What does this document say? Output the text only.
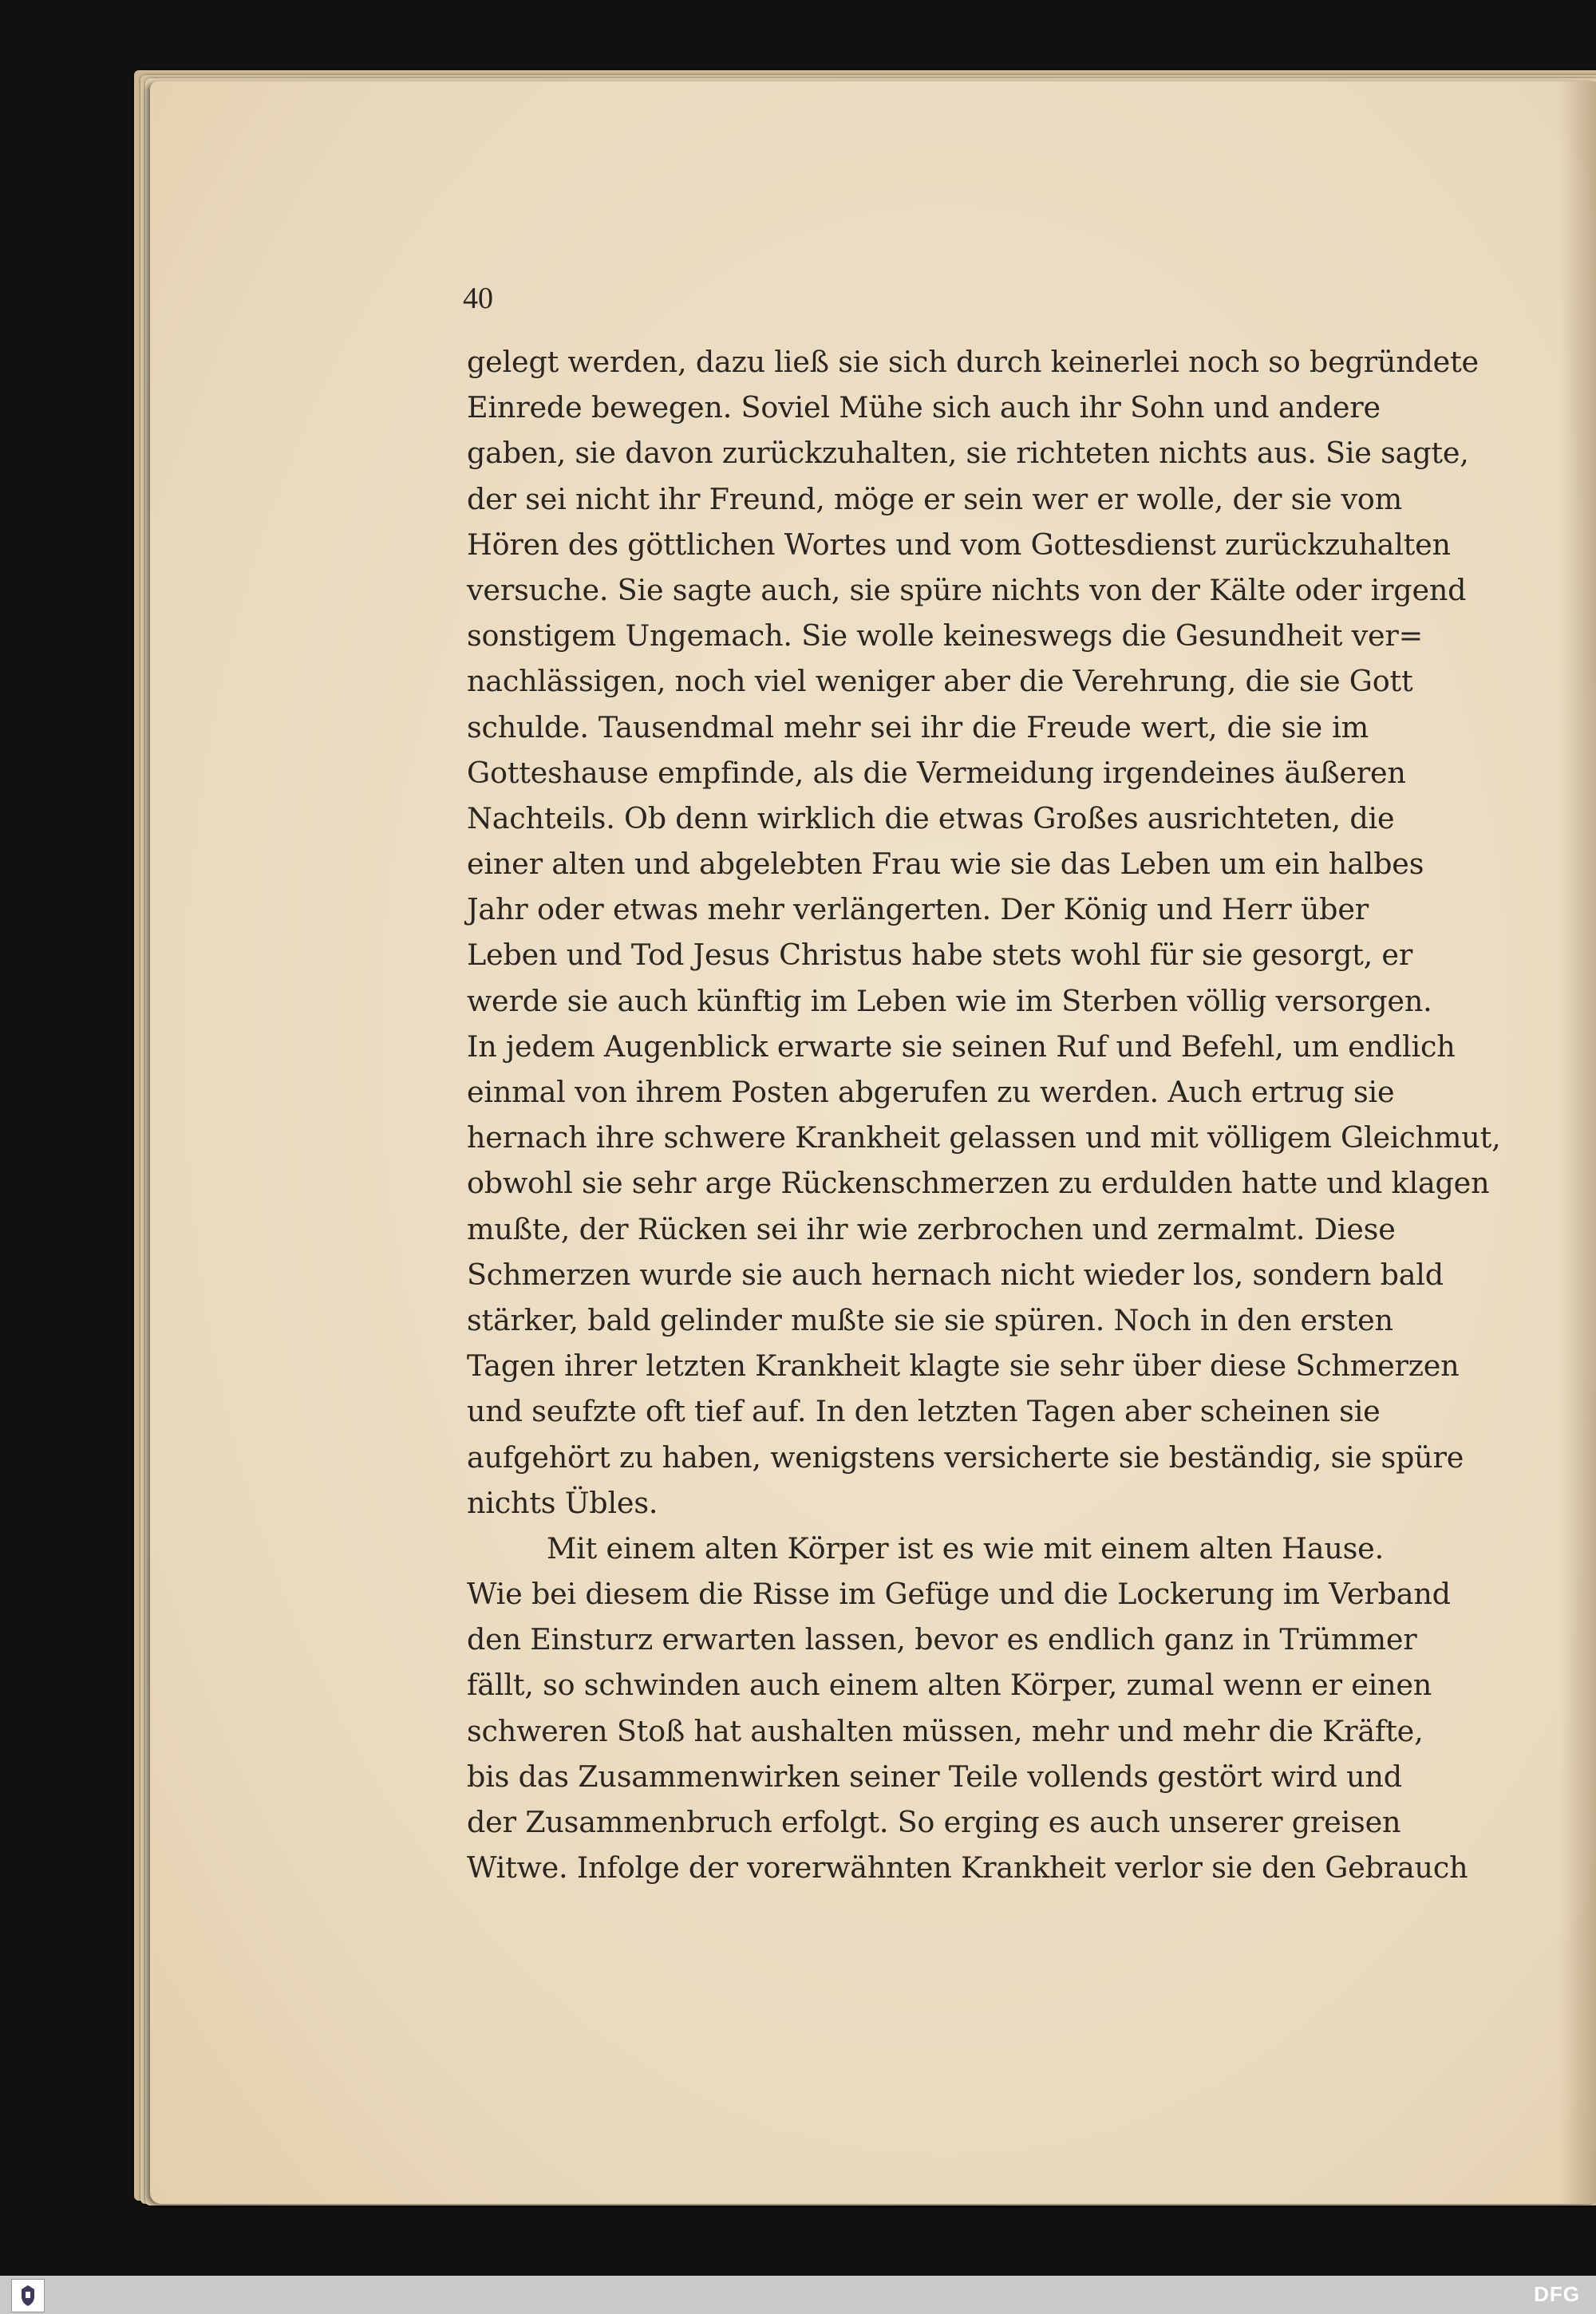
40
gelegt werden, dazu ließ sie sich durch keinerlei noch so begründete
Einrede bewegen. Soviel Mühe sich auch ihr Sohn und andere
gaben, sie davon zurückzuhalten, sie richteten nichts aus. Sie sagte,
der sei nicht ihr Freund, möge er sein wer er wolle, der sie vom
Hören des göttlichen Wortes und vom Gottesdienst zurückzuhalten
versuche. Sie sagte auch, sie spüre nichts von der Kälte oder irgend
sonstigem Ungemach. Sie wolle keineswegs die Gesundheit ver=
nachlässigen, noch viel weniger aber die Verehrung, die sie Gott
schulde. Tausendmal mehr sei ihr die Freude wert, die sie im
Gotteshause empfinde, als die Vermeidung irgendeines äußeren
Nachteils. Ob denn wirklich die etwas Großes ausrichteten, die
einer alten und abgelebten Frau wie sie das Leben um ein halbes
Jahr oder etwas mehr verlängerten. Der König und Herr über
Leben und Tod Jesus Christus habe stets wohl für sie gesorgt, er
werde sie auch künftig im Leben wie im Sterben völlig versorgen.
In jedem Augenblick erwarte sie seinen Ruf und Befehl, um endlich
einmal von ihrem Posten abgerufen zu werden. Auch ertrug sie
hernach ihre schwere Krankheit gelassen und mit völligem Gleichmut,
obwohl sie sehr arge Rückenschmerzen zu erdulden hatte und klagen
mußte, der Rücken sei ihr wie zerbrochen und zermalmt. Diese
Schmerzen wurde sie auch hernach nicht wieder los, sondern bald
stärker, bald gelinder mußte sie sie spüren. Noch in den ersten
Tagen ihrer letzten Krankheit klagte sie sehr über diese Schmerzen
und seufzte oft tief auf. In den letzten Tagen aber scheinen sie
aufgehört zu haben, wenigstens versicherte sie beständig, sie spüre
nichts Übles.
Mit einem alten Körper ist es wie mit einem alten Hause.
Wie bei diesem die Risse im Gefüge und die Lockerung im Verband
den Einsturz erwarten lassen, bevor es endlich ganz in Trümmer
fällt, so schwinden auch einem alten Körper, zumal wenn er einen
schweren Stoß hat aushalten müssen, mehr und mehr die Kräfte,
bis das Zusammenwirken seiner Teile vollends gestört wird und
der Zusammenbruch erfolgt. So erging es auch unserer greisen
Witwe. Infolge der vorerwähnten Krankheit verlor sie den Gebrauch
DFG
